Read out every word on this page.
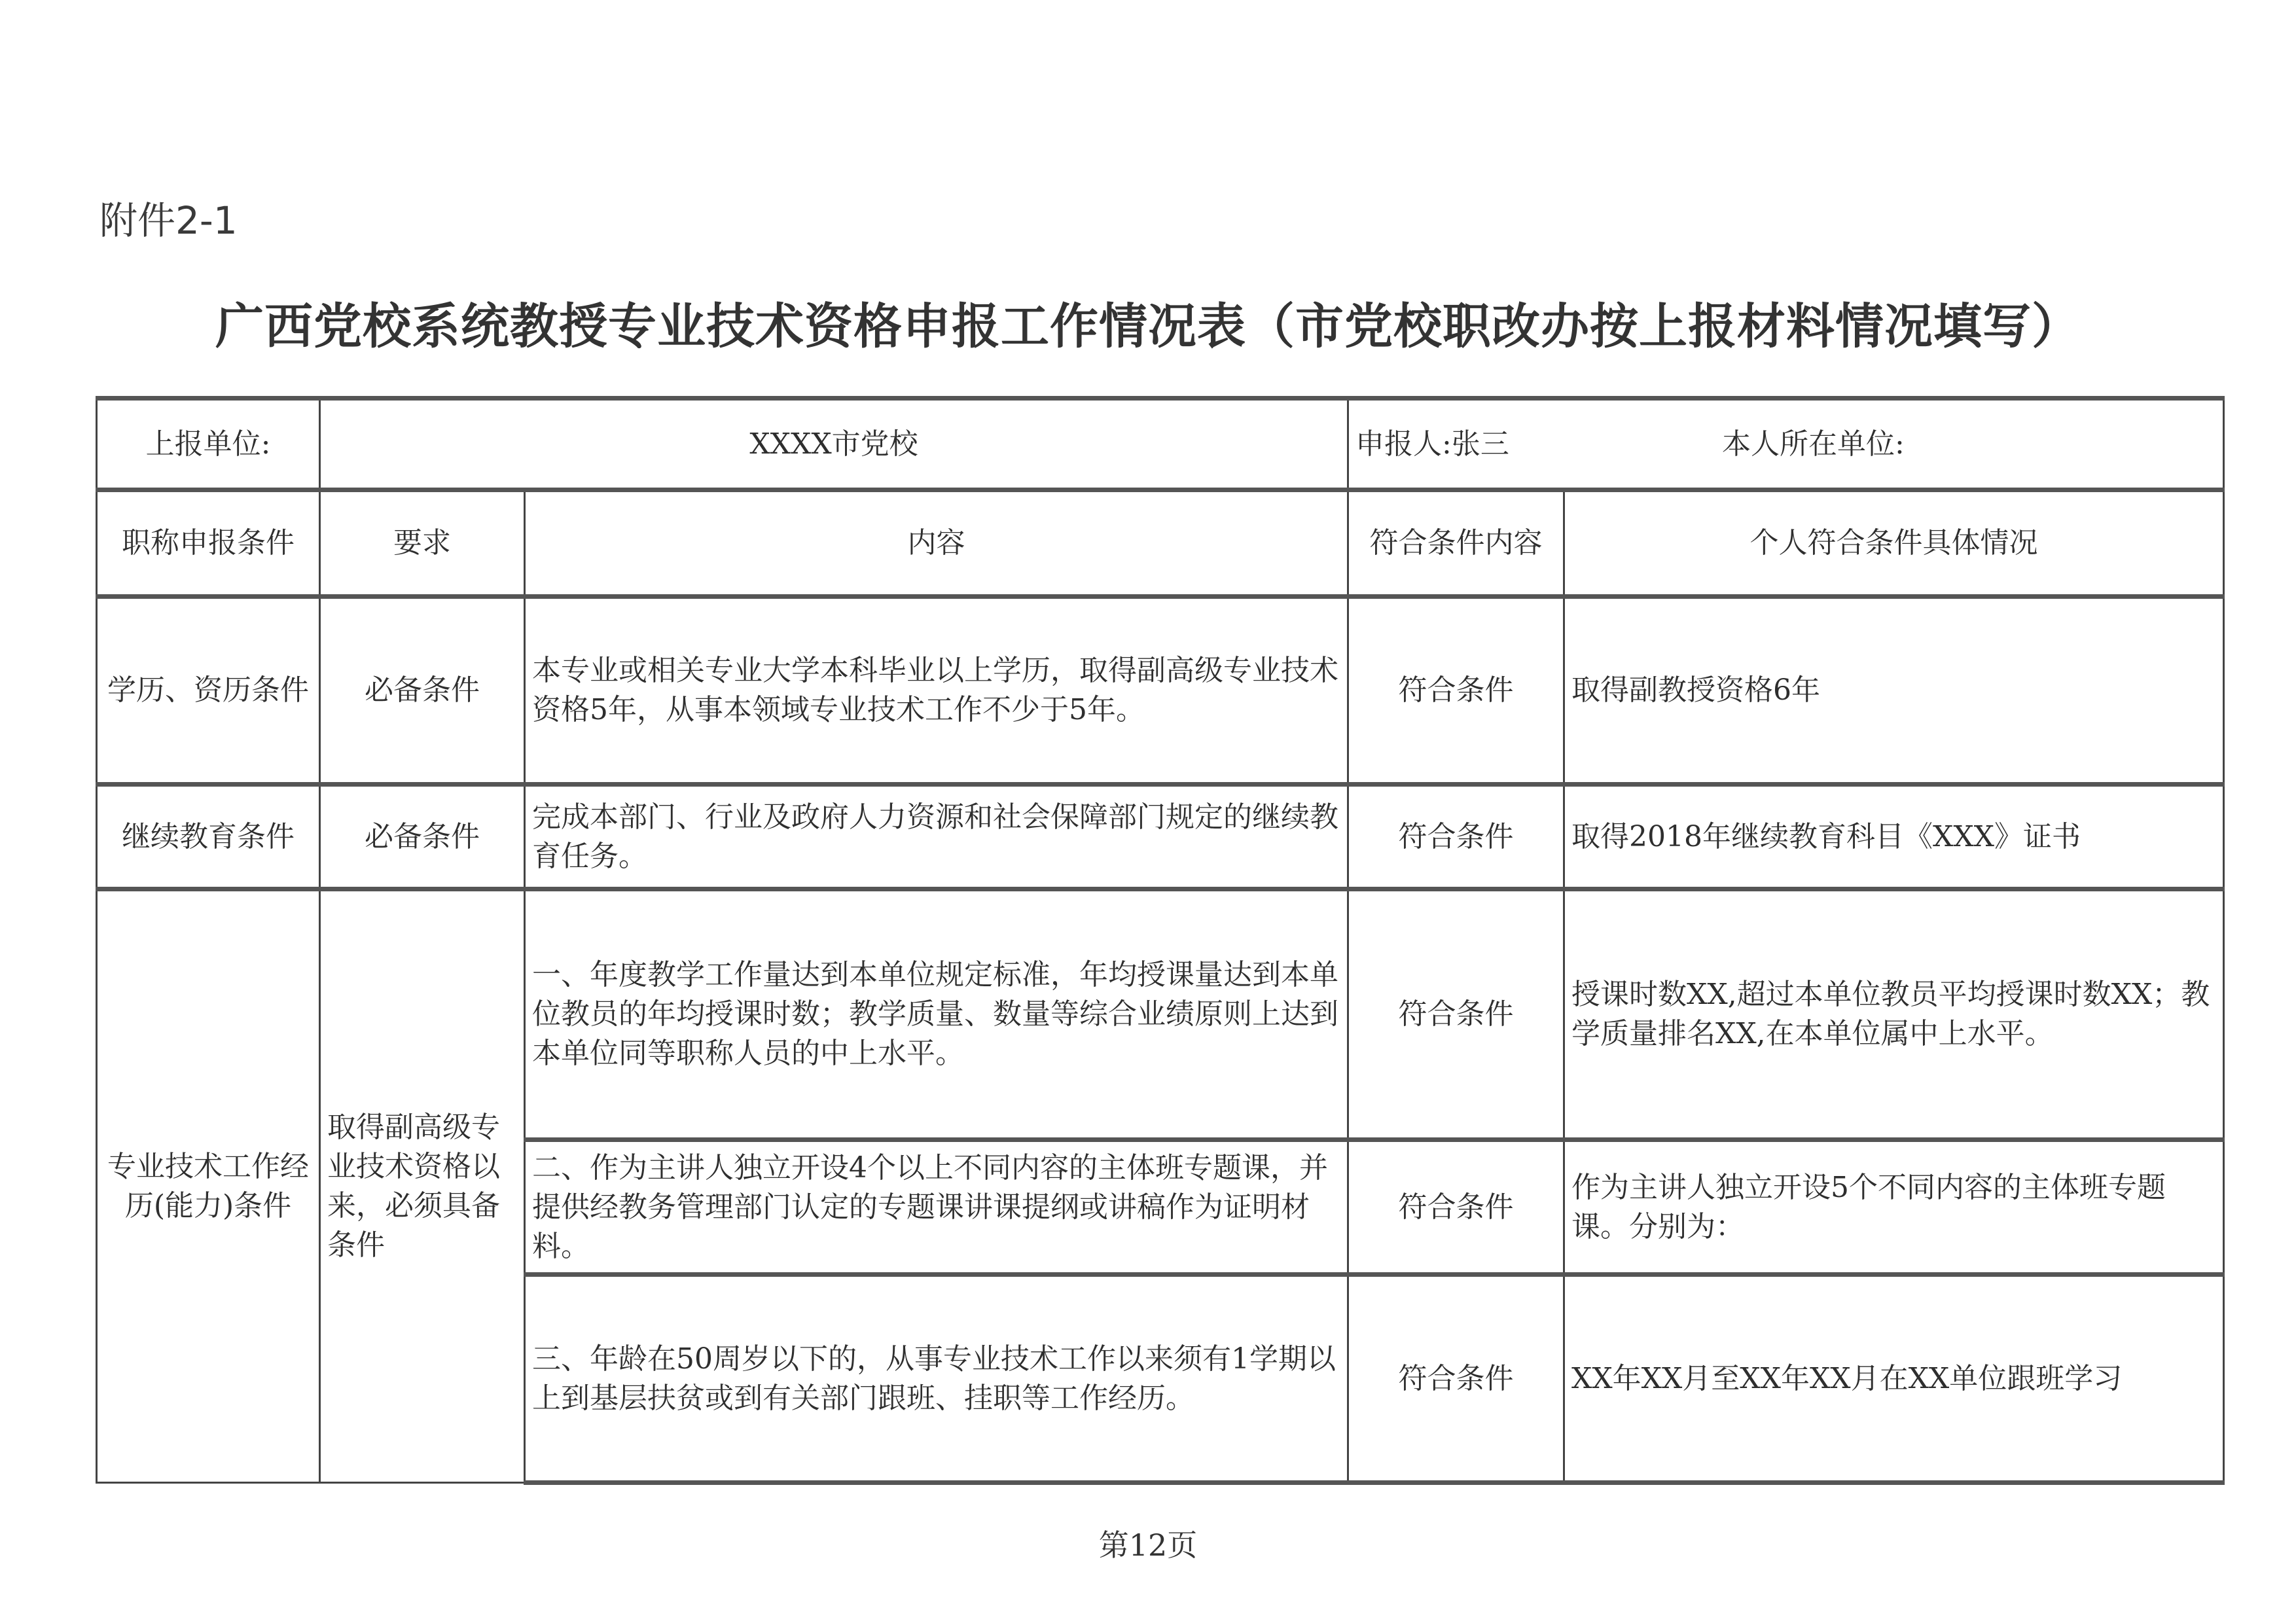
附件2-1
广西党校系统教授专业技术资格申报工作情况表（市党校职改办按上报材料情况填写）
上报单位:	XXXX市党校		申报人:张三 本人所在单位:	
职称申报条件	要求	内容	符合条件内容	个人符合条件具体情况
学历、资历条件	必备条件	本专业或相关专业大学本科毕业以上学历，取得副高级专业技术资格5年，从事本领域专业技术工作不少于5年。	符合条件	取得副教授资格6年
继续教育条件	必备条件	完成本部门、行业及政府人力资源和社会保障部门规定的继续教育任务。	符合条件	取得2018年继续教育科目《XXX》证书
专业技术工作经历(能力)条件	取得副高级专业技术资格以来，必须具备条件	一、年度教学工作量达到本单位规定标准，年均授课量达到本单位教员的年均授课时数；教学质量、数量等综合业绩原则上达到本单位同等职称人员的中上水平。	符合条件	授课时数XX,超过本单位教员平均授课时数XX；教学质量排名XX,在本单位属中上水平。
		二、作为主讲人独立开设4个以上不同内容的主体班专题课，并提供经教务管理部门认定的专题课讲课提纲或讲稿作为证明材料。	符合条件	作为主讲人独立开设5个不同内容的主体班专题课。分别为：
		三、年龄在50周岁以下的，从事专业技术工作以来须有1学期以上到基层扶贫或到有关部门跟班、挂职等工作经历。	符合条件	XX年XX月至XX年XX月在XX单位跟班学习
第12页
